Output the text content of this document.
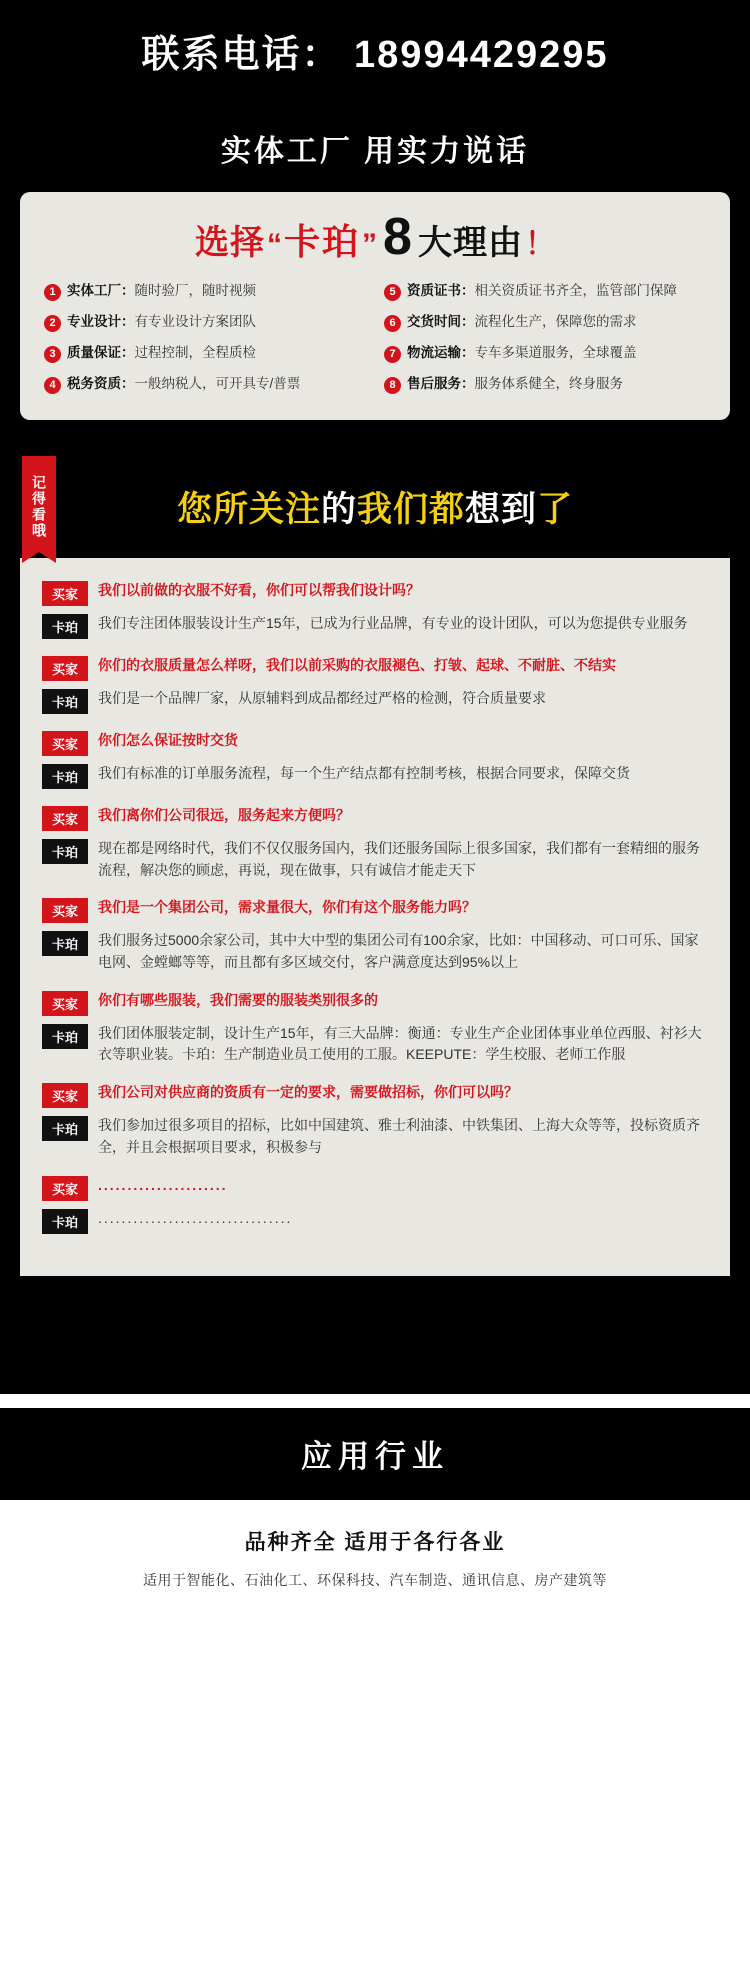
联系电话： 18994429295
实体工厂 用实力说话
选择 “ 卡珀 ” 8 大理由 ！
1 实体工厂：随时验厂，随时视频	5 资质证书：相关资质证书齐全，监管部门保障
2 专业设计：有专业设计方案团队	6 交货时间：流程化生产，保障您的需求
3 质量保证：过程控制，全程质检	7 物流运输：专车多渠道服务，全球覆盖
4 税务资质：一般纳税人，可开具专/普票	8 售后服务：服务体系健全，终身服务
记得看哦	您所关注的我们都想到了
买家	我们以前做的衣服不好看，你们可以帮我们设计吗？
卡珀	我们专注团体服装设计生产15年，已成为行业品牌，有专业的设计团队，可以为您提供专业服务
买家	你们的衣服质量怎么样呀，我们以前采购的衣服褪色、打皱、起球、不耐脏、不结实
卡珀	我们是一个品牌厂家，从原辅料到成品都经过严格的检测，符合质量要求
买家	你们怎么保证按时交货
卡珀	我们有标准的订单服务流程，每一个生产结点都有控制考核，根据合同要求，保障交货
买家	我们离你们公司很远，服务起来方便吗？
卡珀	现在都是网络时代，我们不仅仅服务国内，我们还服务国际上很多国家，我们都有一套精细的服务流程，解决您的顾虑，再说，现在做事，只有诚信才能走天下
买家	我们是一个集团公司，需求量很大，你们有这个服务能力吗？
卡珀	我们服务过5000余家公司，其中大中型的集团公司有100余家，比如：中国移动、可口可乐、国家电网、金螳螂等等，而且都有多区域交付，客户满意度达到95%以上
买家	你们有哪些服装，我们需要的服装类别很多的
卡珀	我们团体服装定制，设计生产15年，有三大品牌：衡通：专业生产企业团体事业单位西服、衬衫大衣等职业装。卡珀：生产制造业员工使用的工服。KEEPUTE：学生校服、老师工作服
买家	我们公司对供应商的资质有一定的要求，需要做招标，你们可以吗？
卡珀	我们参加过很多项目的招标，比如中国建筑、雅士利油漆、中铁集团、上海大众等等，投标资质齐全，并且会根据项目要求，积极参与
买家	......................
卡珀	.................................
联系电话： 18994429295
应用行业
品种齐全 适用于各行各业
适用于智能化、石油化工、环保科技、汽车制造、通讯信息、房产建筑等
